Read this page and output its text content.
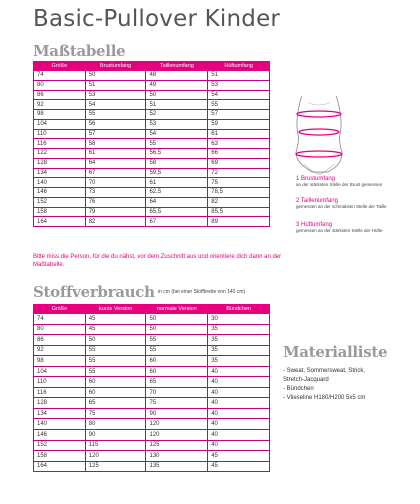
Basic-Pullover Kinder
Maßtabelle
Größe	Brustumfang	Taillenumfang	Hüftumfang
74	50	48	51
80	51	49	53
86	53	50	54
92	54	51	55
98	55	52	57
104	56	53	59
110	57	54	61
116	58	55	63
122	61	56,5	66
128	64	58	69
134	67	59,5	72
140	70	61	75
146	73	62,5	78,5
152	76	64	82
158	79	65,5	85,5
164	82	67	89
Bitte miss die Person, für die du nähst, vor dem Zuschnitt aus und orientiere dich dann an der Maßtabelle.
1 Brustumfang
an der stärksten Stelle der Brust gemessen
2 Taillenumfang
gemessen an der schmalsten Stelle der Taille
3 Hüftumfang
gemessen an der stärksten Stelle der Hüfte
Stoffverbrauch in cm (bei einer Stoffbreite von 140 cm)
Größe	kurze Version	normale Version	Bündchen
74	45	50	30
80	45	50	35
86	50	55	35
92	55	55	35
98	55	60	35
104	55	60	40
110	60	65	40
116	60	70	40
128	65	75	40
134	75	90	40
140	80	120	40
146	90	120	40
152	115	125	40
158	120	130	45
164	125	135	45
Materialliste
- Sweat, Sommersweat, Strick,
Stretch-Jacquard
- Bündchen
- Vlieseline H180/H200 5x5 cm
